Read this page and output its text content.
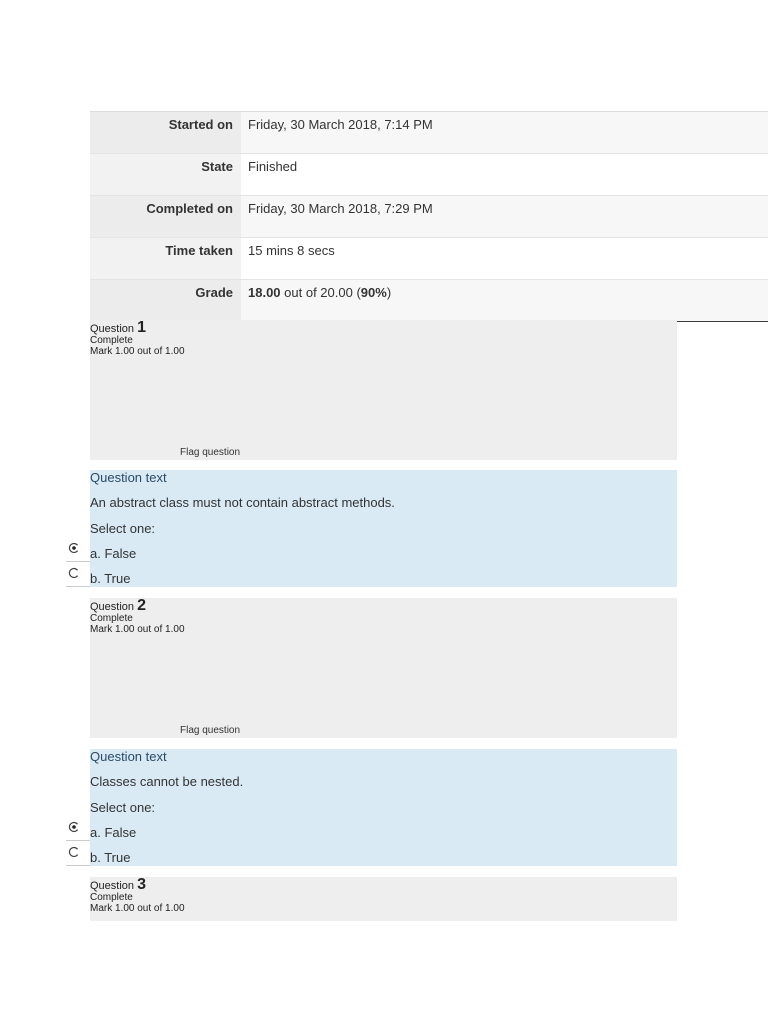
Started on	Friday, 30 March 2018, 7:14 PM
State	Finished
Completed on	Friday, 30 March 2018, 7:29 PM
Time taken	15 mins 8 secs
Grade	18.00 out of 20.00 (90%)
Question 1
Complete
Mark 1.00 out of 1.00
Flag question
Question text
An abstract class must not contain abstract methods.
Select one:
a. False
b. True
Question 2
Complete
Mark 1.00 out of 1.00
Flag question
Question text
Classes cannot be nested.
Select one:
a. False
b. True
Question 3
Complete
Mark 1.00 out of 1.00
